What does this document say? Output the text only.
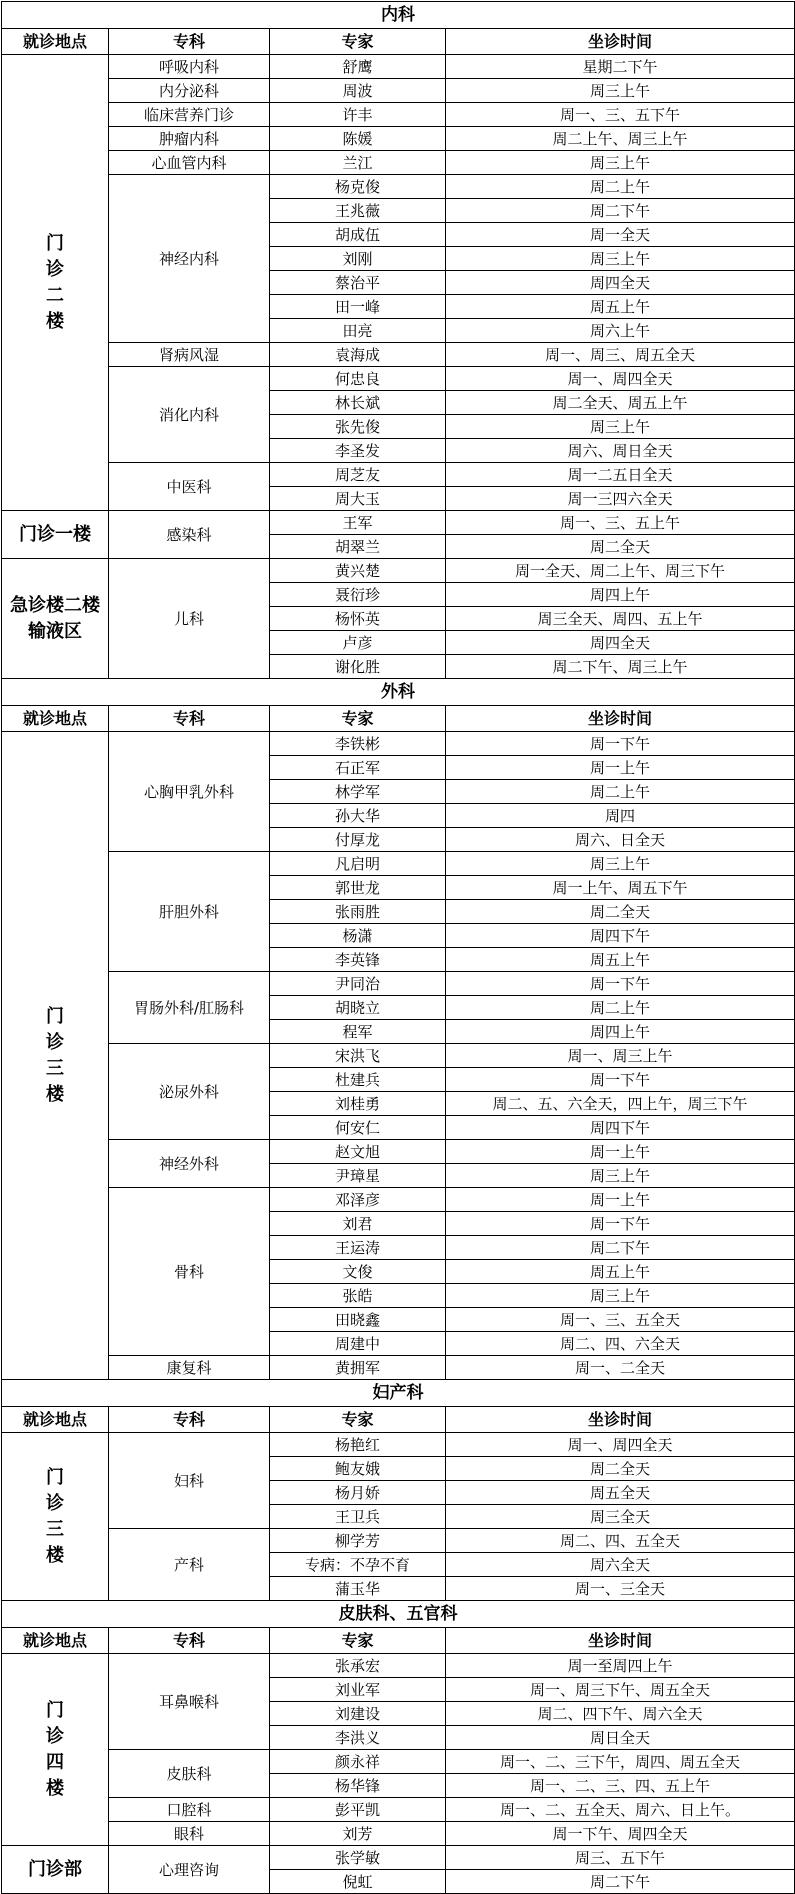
内科			
就诊地点	专科	专家	坐诊时间

门
诊
二
楼	呼吸内科	舒鹰	星期二下午
	内分泌科	周波	周三上午
	临床营养门诊	许丰	周一、三、五下午
	肿瘤内科	陈媛	周二上午、周三上午
	心血管内科	兰江	周三上午
	神经内科	杨克俊	周二上午
		王兆薇	周二下午
		胡成伍	周一全天
		刘刚	周三上午
		蔡治平	周四全天
		田一峰	周五上午
		田亮	周六上午
	肾病风湿	袁海成	周一、周三、周五全天
	消化内科	何忠良	周一、周四全天
		林长斌	周二全天、周五上午
		张先俊	周三上午
		李圣发	周六、周日全天
	中医科	周芝友	周一二五日全天
		周大玉	周一三四六全天
门诊一楼	感染科	王军	周一、三、五上午
		胡翠兰	周二全天
急诊楼二楼输液区	儿科	黄兴楚	周一全天、周二上午、周三下午
		聂衍珍	周四上午
		杨怀英	周三全天、周四、五上午
		卢彦	周四全天
		谢化胜	周二下午、周三上午
外科			
就诊地点	专科	专家	坐诊时间

门
诊
三
楼	心胸甲乳外科	李铁彬	周一下午
		石正军	周一上午
		林学军	周二上午
		孙大华	周四
		付厚龙	周六、日全天
	肝胆外科	凡启明	周三上午
		郭世龙	周一上午、周五下午
		张雨胜	周二全天
		杨潇	周四下午
		李英锋	周五上午
	胃肠外科/肛肠科	尹同治	周一下午
		胡晓立	周二上午
		程军	周四上午
	泌尿外科	宋洪飞	周一、周三上午
		杜建兵	周一下午
		刘桂勇	周二、五、六全天，四上午，周三下午
		何安仁	周四下午
	神经外科	赵文旭	周一上午
		尹璋星	周三上午
	骨科	邓泽彦	周一上午
		刘君	周一下午
		王运涛	周二下午
		文俊	周五上午
		张皓	周三上午
		田晓鑫	周一、三、五全天
		周建中	周二、四、六全天
	康复科	黄拥军	周一、二全天
妇产科			
就诊地点	专科	专家	坐诊时间

门
诊
三
楼	妇科	杨艳红	周一、周四全天
		鲍友娥	周二全天
		杨月娇	周五全天
		王卫兵	周三全天
	产科	柳学芳	周二、四、五全天
		专病：不孕不育	周六全天
		蒲玉华	周一、三全天
皮肤科、五官科			
就诊地点	专科	专家	坐诊时间

门
诊
四
楼	耳鼻喉科	张承宏	周一至周四上午
		刘业军	周一、周三下午、周五全天
		刘建设	周二、四下午、周六全天
		李洪义	周日全天
	皮肤科	颜永祥	周一、二、三下午，周四、周五全天
		杨华锋	周一、二、三、四、五上午
	口腔科	彭平凯	周一、二、五全天、周六、日上午。
	眼科	刘芳	周一下午、周四全天
门诊部	心理咨询	张学敏	周三、五下午
		倪虹	周二下午
